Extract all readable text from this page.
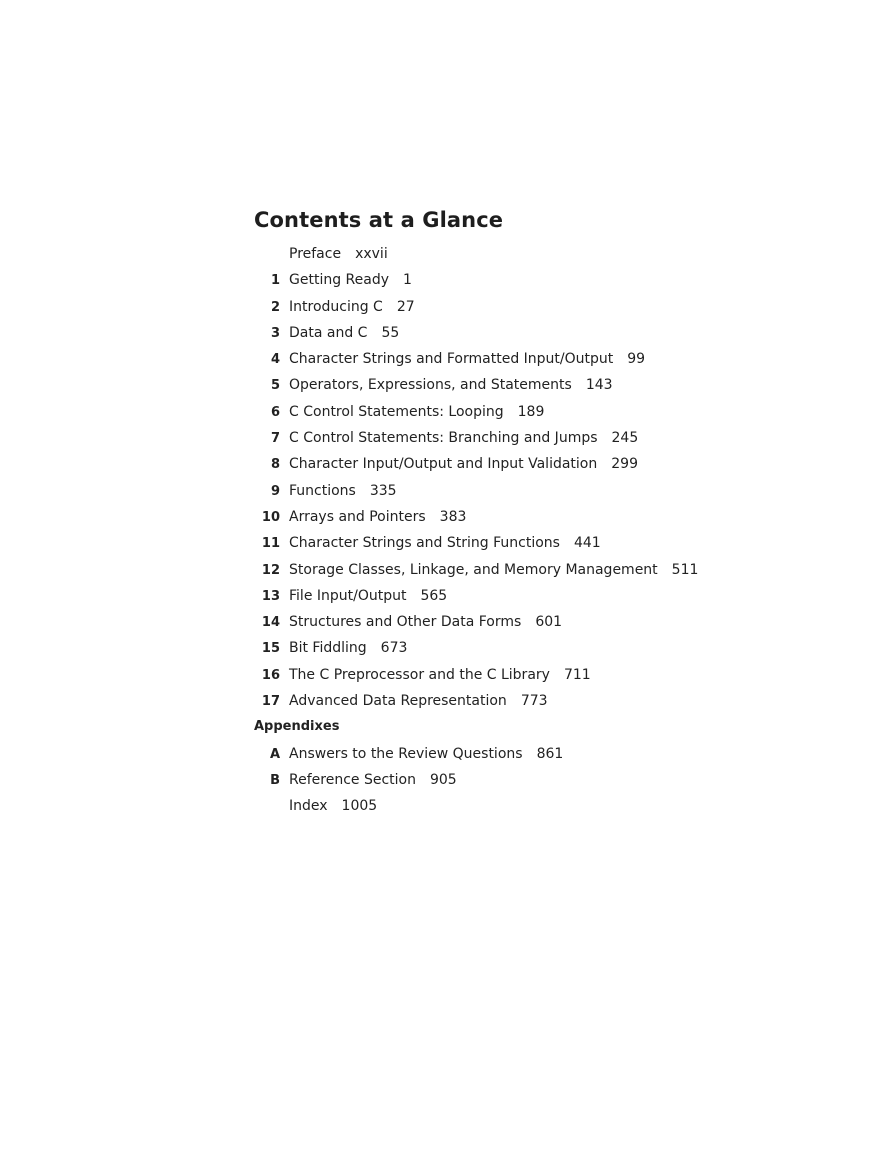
Contents at a Glance
Preface xxvii
1 Getting Ready 1
2 Introducing C 27
3 Data and C 55
4 Character Strings and Formatted Input/Output 99
5 Operators, Expressions, and Statements 143
6 C Control Statements: Looping 189
7 C Control Statements: Branching and Jumps 245
8 Character Input/Output and Input Validation 299
9 Functions 335
10 Arrays and Pointers 383
11 Character Strings and String Functions 441
12 Storage Classes, Linkage, and Memory Management 511
13 File Input/Output 565
14 Structures and Other Data Forms 601
15 Bit Fiddling 673
16 The C Preprocessor and the C Library 711
17 Advanced Data Representation 773
Appendixes
A Answers to the Review Questions 861
B Reference Section 905
Index 1005
